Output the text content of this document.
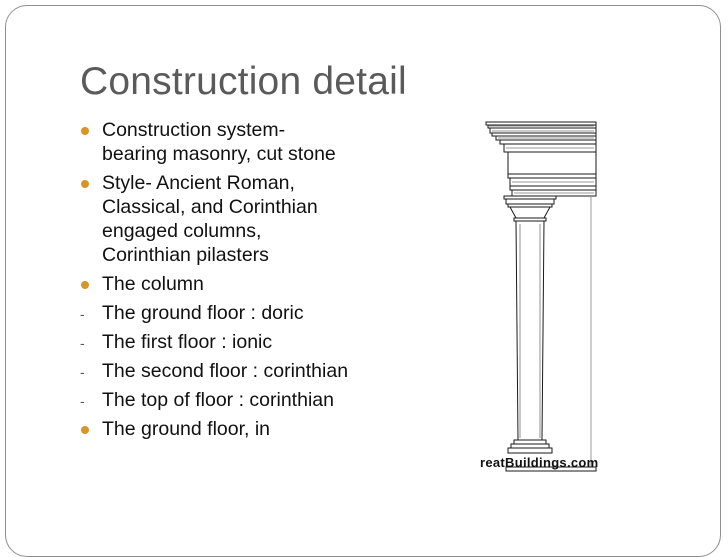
Construction detail
Construction system- bearing masonry, cut stone
Style- Ancient Roman, Classical, and Corinthian engaged columns, Corinthian pilasters
The column
- The ground floor : doric
- The first floor : ionic
- The second floor : corinthian
- The top of floor : corinthian
The ground floor, in
reatBuildings.com
